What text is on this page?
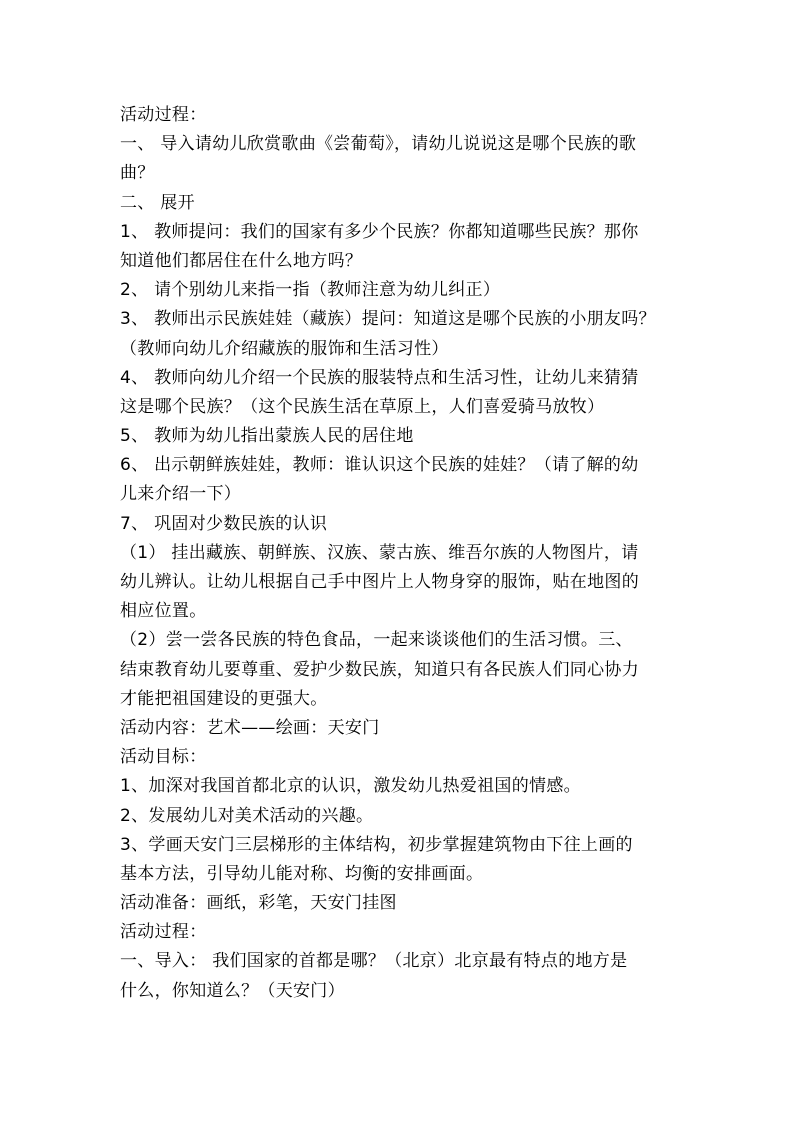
活动过程：
一、 导入请幼儿欣赏歌曲《尝葡萄》，请幼儿说说这是哪个民族的歌
曲？
二、 展开
1、 教师提问：我们的国家有多少个民族？你都知道哪些民族？那你
知道他们都居住在什么地方吗？
2、 请个别幼儿来指一指（教师注意为幼儿纠正）
3、 教师出示民族娃娃（藏族）提问：知道这是哪个民族的小朋友吗？
（教师向幼儿介绍藏族的服饰和生活习性）
4、 教师向幼儿介绍一个民族的服装特点和生活习性，让幼儿来猜猜
这是哪个民族？（这个民族生活在草原上，人们喜爱骑马放牧）
5、 教师为幼儿指出蒙族人民的居住地
6、 出示朝鲜族娃娃，教师：谁认识这个民族的娃娃？（请了解的幼
儿来介绍一下）
7、 巩固对少数民族的认识
（1） 挂出藏族、朝鲜族、汉族、蒙古族、维吾尔族的人物图片，请
幼儿辨认。让幼儿根据自己手中图片上人物身穿的服饰，贴在地图的
相应位置。
（2）尝一尝各民族的特色食品，一起来谈谈他们的生活习惯。三、
结束教育幼儿要尊重、爱护少数民族，知道只有各民族人们同心协力
才能把祖国建设的更强大。
活动内容：艺术——绘画：天安门
活动目标：
1、加深对我国首都北京的认识，激发幼儿热爱祖国的情感。
2、发展幼儿对美术活动的兴趣。
3、学画天安门三层梯形的主体结构，初步掌握建筑物由下往上画的
基本方法，引导幼儿能对称、均衡的安排画面。
活动准备：画纸，彩笔，天安门挂图
活动过程：
一、导入： 我们国家的首都是哪？（北京）北京最有特点的地方是
什么，你知道么？（天安门）
